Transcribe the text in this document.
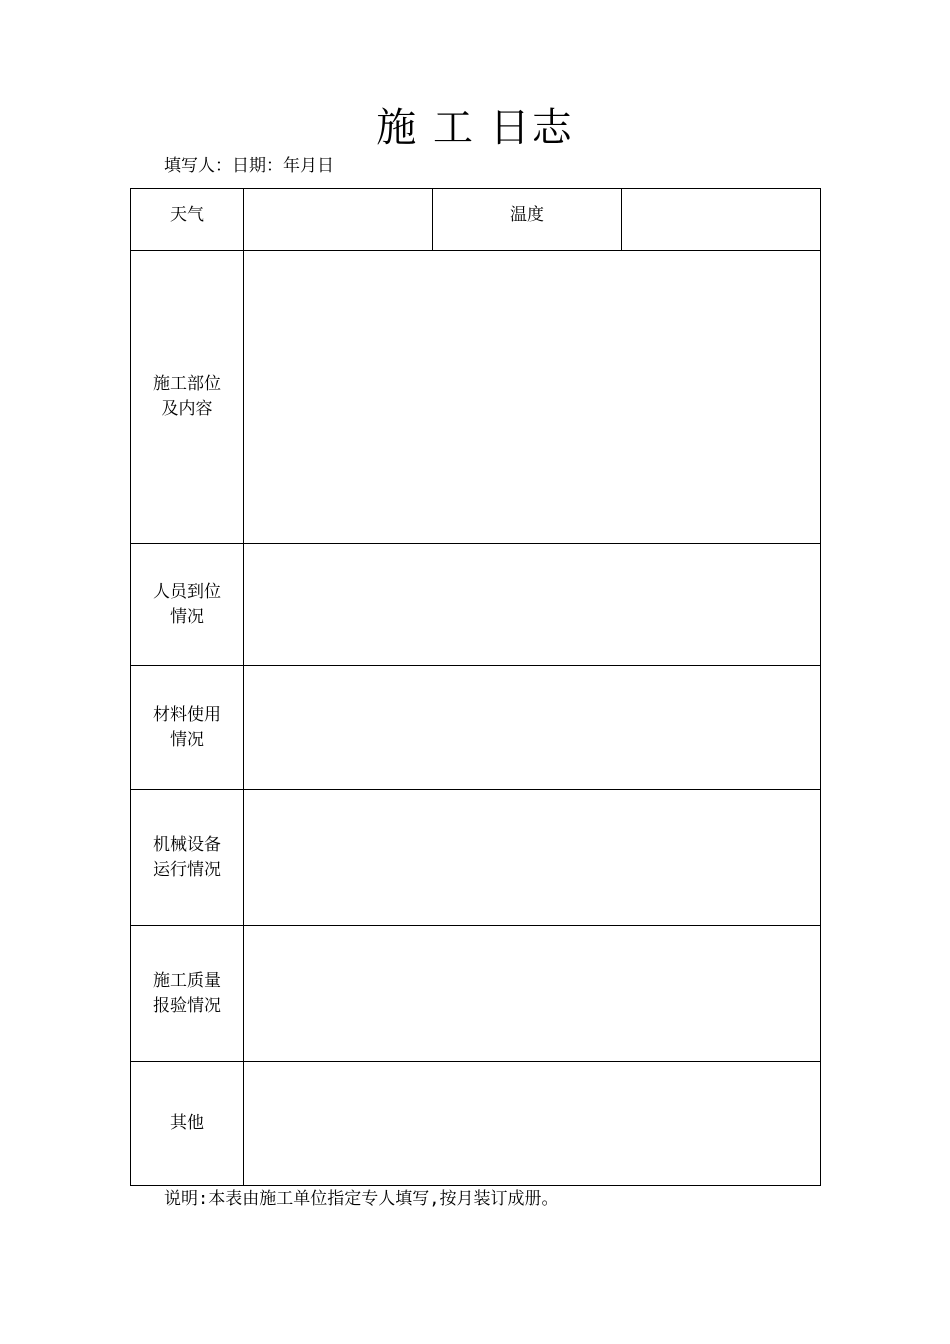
施 工 日志
填写人：日期：年月日
天气		温度	
施工部位及内容			
人员到位情况			
材料使用情况			
机械设备运行情况			
施工质量报验情况			
其他			
说明:本表由施工单位指定专人填写,按月装订成册。
